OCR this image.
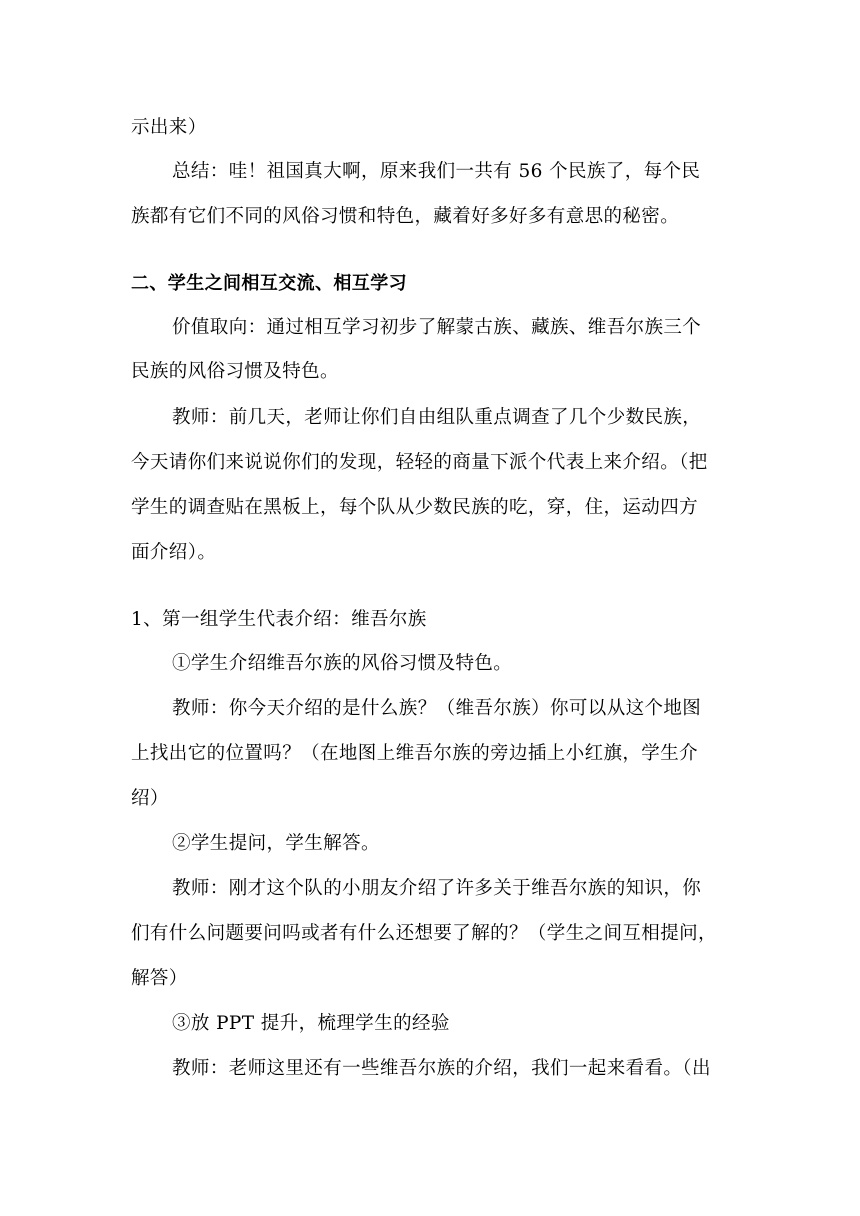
示出来）
总结：哇！祖国真大啊，原来我们一共有 56 个民族了，每个民
族都有它们不同的风俗习惯和特色，藏着好多好多有意思的秘密。
二、学生之间相互交流、相互学习
价值取向：通过相互学习初步了解蒙古族、藏族、维吾尔族三个
民族的风俗习惯及特色。
教师：前几天，老师让你们自由组队重点调查了几个少数民族，
今天请你们来说说你们的发现，轻轻的商量下派个代表上来介绍。（把
学生的调查贴在黑板上，每个队从少数民族的吃，穿，住，运动四方
面介绍）。
1、第一组学生代表介绍：维吾尔族
①学生介绍维吾尔族的风俗习惯及特色。
教师：你今天介绍的是什么族？（维吾尔族）你可以从这个地图
上找出它的位置吗？（在地图上维吾尔族的旁边插上小红旗，学生介
绍）
②学生提问，学生解答。
教师：刚才这个队的小朋友介绍了许多关于维吾尔族的知识，你
们有什么问题要问吗或者有什么还想要了解的？（学生之间互相提问，
解答）
③放 PPT 提升，梳理学生的经验
教师：老师这里还有一些维吾尔族的介绍，我们一起来看看。（出
